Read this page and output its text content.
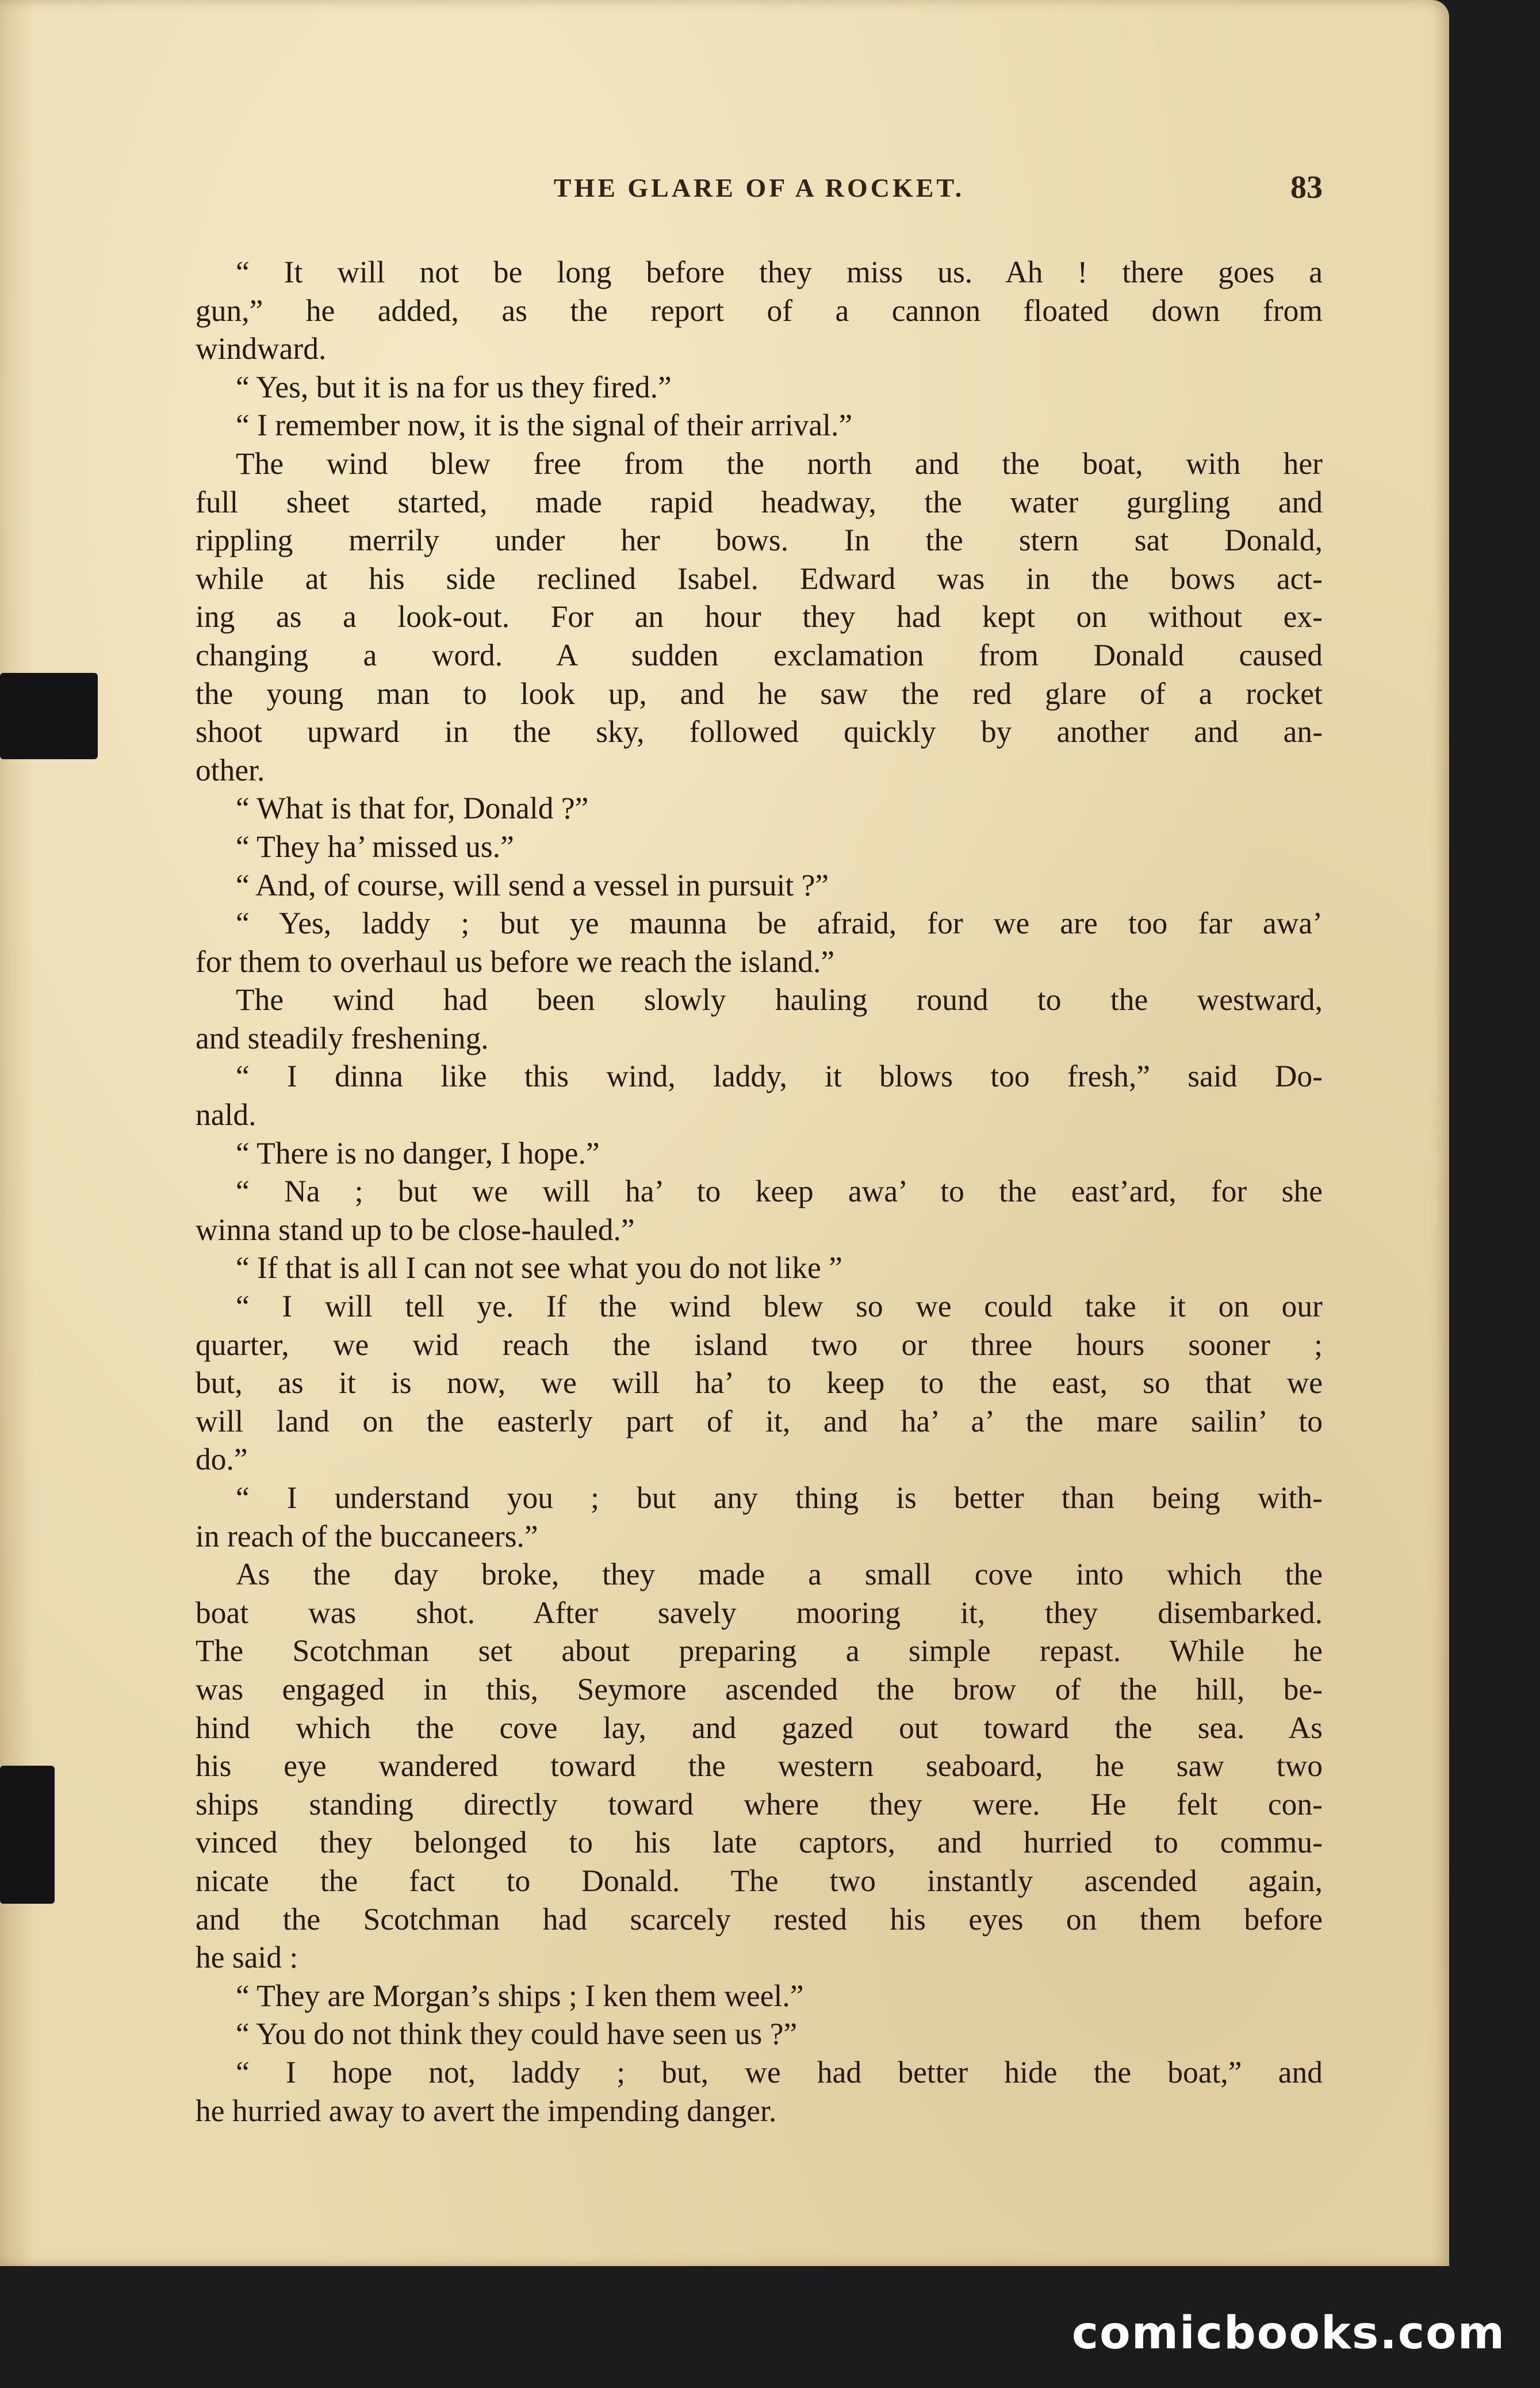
THE GLARE OF A ROCKET.	83
“ It will not be long before they miss us. Ah ! there goes a
gun,” he added, as the report of a cannon floated down from
windward.
“ Yes, but it is na for us they fired.”
“ I remember now, it is the signal of their arrival.”
The wind blew free from the north and the boat, with her
full sheet started, made rapid headway, the water gurgling and
rippling merrily under her bows. In the stern sat Donald,
while at his side reclined Isabel. Edward was in the bows act-
ing as a look-out. For an hour they had kept on without ex-
changing a word. A sudden exclamation from Donald caused
the young man to look up, and he saw the red glare of a rocket
shoot upward in the sky, followed quickly by another and an-
other.
“ What is that for, Donald ?”
“ They ha’ missed us.”
“ And, of course, will send a vessel in pursuit ?”
“ Yes, laddy ; but ye maunna be afraid, for we are too far awa’
for them to overhaul us before we reach the island.”
The wind had been slowly hauling round to the westward,
and steadily freshening.
“ I dinna like this wind, laddy, it blows too fresh,” said Do-
nald.
“ There is no danger, I hope.”
“ Na ; but we will ha’ to keep awa’ to the east’ard, for she
winna stand up to be close-hauled.”
“ If that is all I can not see what you do not like ”
“ I will tell ye. If the wind blew so we could take it on our
quarter, we wid reach the island two or three hours sooner ;
but, as it is now, we will ha’ to keep to the east, so that we
will land on the easterly part of it, and ha’ a’ the mare sailin’ to
do.”
“ I understand you ; but any thing is better than being with-
in reach of the buccaneers.”
As the day broke, they made a small cove into which the
boat was shot. After savely mooring it, they disembarked.
The Scotchman set about preparing a simple repast. While he
was engaged in this, Seymore ascended the brow of the hill, be-
hind which the cove lay, and gazed out toward the sea. As
his eye wandered toward the western seaboard, he saw two
ships standing directly toward where they were. He felt con-
vinced they belonged to his late captors, and hurried to commu-
nicate the fact to Donald. The two instantly ascended again,
and the Scotchman had scarcely rested his eyes on them before
he said :
“ They are Morgan’s ships ; I ken them weel.”
“ You do not think they could have seen us ?”
“ I hope not, laddy ; but, we had better hide the boat,” and
he hurried away to avert the impending danger.
comicbooks.com
